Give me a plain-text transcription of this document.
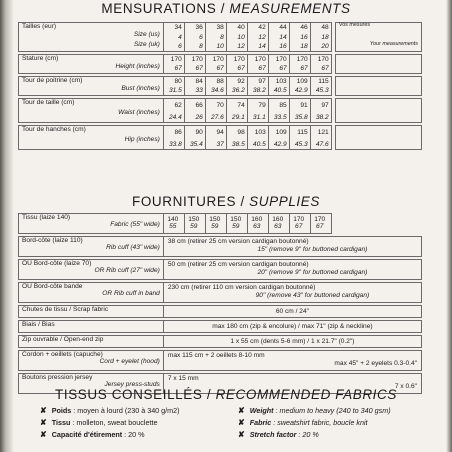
MENSURATIONS / MEASUREMENTS
Tailles (eur)	34	36	38	40	42	44	46	48		Vos mesures

Size (us)	4	6	8	10	12	14	16	18		

Size (uk)	6	8	10	12	14	16	18	20		Your measurements

Stature (cm)	170	170	170	170	170	170	170	170		

Height (inches)	67	67	67	67	67	67	67	67		

Tour de poitrine (cm)	80	84	88	92	97	103	109	115		

Bust (inches)	31.5	33	34.6	36.2	38.2	40.5	42.9	45.3		

Tour de taille (cm)	62	66	70	74	79	85	91	97		

Waist (inches)	24.4	26	27.6	29.1	31.1	33.5	35.8	38.2		

Tour de hanches (cm)	86	90	94	98	103	109	115	121		

Hip (inches)	33.8	35.4	37	38.5	40.5	42.9	45.3	47.6		
FOURNITURES / SUPPLIES
Tissu (laize 140)
Fabric (55" wide)	140	150	150	150	160	160	170	170	
	55	59	59	59	63	63	67	67	

Bord-côte (laize 110)
Rib cuff (43" wide)	38 cm (retirer 25 cm version cardigan boutonné)
15" (remove 9" for buttoned cardigan)								

OU Bord-côte (laize 70)
OR Rib cuff (27" wide)	50 cm (retirer 25 cm version cardigan boutonné)
20" (remove 9" for buttoned cardigan)								

OU Bord-côte bande
OR Rib cuff in band	230 cm (retirer 110 cm version cardigan boutonné)
90" (remove 43" for buttoned cardigan)								

Chutes de tissu / Scrap fabric	60 cm / 24"								

Biais / Bias	max 180 cm (zip & encolure) / max 71" (zip & neckline)								

Zip ouvrable / Open-end zip	1 x 55 cm (dents 5-6 mm) / 1 x 21.7" (0.2")								

Cordon + oeillets (capuche)
Cord + eyelet (hood)	max 115 cm + 2 oeillets 8-10 mm
max 45" + 2 eyelets 0.3-0.4"								

Boutons pression jersey
Jersey press-studs	7 x 15 mm
7 x 0.6"								
TISSUS CONSEILLÉS / RECOMMENDED FABRICS
✘ Poids : moyen à lourd (230 à 340 g/m2)
✘ Tissu : molleton, sweat bouclette
✘ Capacité d'étirement : 20 %
✘ Weight : medium to heavy (240 to 340 gsm)
✘ Fabric : sweatshirt fabric, boucle knit
✘ Stretch factor : 20 %
